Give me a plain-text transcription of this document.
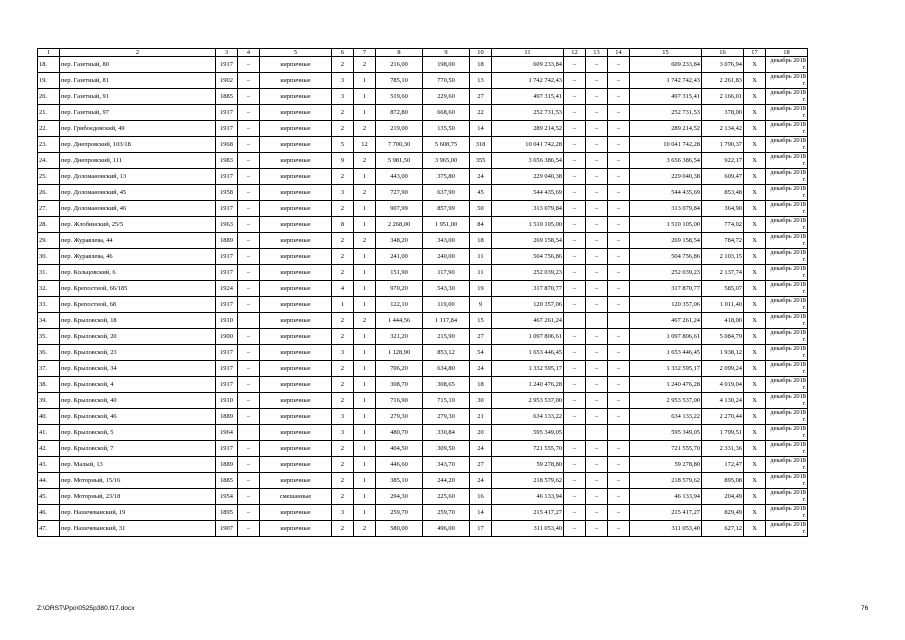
1	2	3	4	5	6	7	8	9	10	11	12	13	14	15	16	17	18
18.	пер. Газетный, 80	1917	–	кирпичные	2	2	216,00	198,00	18	609 233,84	–	–	–	609 233,84	3 076,94	X	декабрь 2018 г.
19.	пер. Газетный, 81	1902	–	кирпичные	3	1	785,10	770,50	13	1 742 742,43	–	–	–	1 742 742,43	2 261,83	X	декабрь 2018 г.
20.	пер. Газетный, 91	1885	–	кирпичные	3	1	519,60	229,60	27	497 315,41	–	–	–	497 315,41	2 166,01	X	декабрь 2018 г.
21.	пер. Газетный, 97	1917	–	кирпичные	2	1	872,80	668,60	22	252 731,53	–	–	–	252 731,53	378,00	X	декабрь 2018 г.
22.	пер. Грибоедовский, 49	1917	–	кирпичные	2	2	219,00	135,50	14	289 214,52	–	–	–	289 214,52	2 134,42	X	декабрь 2018 г.
23.	пер. Днепровский, 103/18	1968	–	кирпичные	5	12	7 700,30	5 608,75	318	10 041 742,28	–	–	–	10 041 742,28	1 790,37	X	декабрь 2018 г.
24.	пер. Днепровский, 111	1983	–	кирпичные	9	2	5 981,50	3 965,00	355	3 656 386,54	–	–	–	3 656 386,54	922,17	X	декабрь 2018 г.
25.	пер. Доломановский, 13	1917	–	кирпичные	2	1	443,00	375,80	24	229 040,38	–	–	–	229 040,38	609,47	X	декабрь 2018 г.
26.	пер. Доломановский, 45	1958	–	кирпичные	3	2	727,90	637,90	45	544 435,69	–	–	–	544 435,69	853,48	X	декабрь 2018 г.
27.	пер. Доломановский, 46	1917	–	кирпичные	2	1	907,99	857,99	50	313 079,84	–	–	–	313 079,84	364,90	X	декабрь 2018 г.
28.	пер. Жлобинский, 25/5	1963	–	кирпичные	8	1	2 268,00	1 951,00	84	1 510 105,00	–	–	–	1 510 105,00	774,02	X	декабрь 2018 г.
29.	пер. Журавлева, 44	1889	–	кирпичные	2	2	348,20	343,00	18	269 158,54	–	–	–	269 158,54	784,72	X	декабрь 2018 г.
30.	пер. Журавлева, 46	1917	–	кирпичные	2	1	241,00	240,00	11	504 756,86	–	–	–	504 756,86	2 103,15	X	декабрь 2018 г.
31.	пер. Кольцовский, 6	1917	–	кирпичные	2	1	151,90	117,90	11	252 039,23	–	–	–	252 039,23	2 137,74	X	декабрь 2018 г.
32.	пер. Крепостной, 66/185	1924	–	кирпичные	4	1	970,20	543,30	19	317 870,77	–	–	–	317 870,77	585,07	X	декабрь 2018 г.
33.	пер. Крепостной, 68	1917	–	кирпичные	1	1	122,10	119,00	9	120 357,06	–	–	–	120 357,06	1 011,40	X	декабрь 2018 г.
34.	пер. Крыловской, 18	1910		кирпичные	2	2	1 444,56	1 117,84	15	467 261,24				467 261,24	418,00	X	декабрь 2018 г.
35.	пер. Крыловской, 20	1900	–	кирпичные	2	1	321,20	215,90	27	1 097 806,61	–	–	–	1 097 806,61	5 084,79	X	декабрь 2018 г.
36.	пер. Крыловской, 23	1917	–	кирпичные	3	1	1 128,90	853,12	54	1 653 446,45	–	–	–	1 653 446,45	1 938,12	X	декабрь 2018 г.
37.	пер. Крыловской, 34	1917	–	кирпичные	2	1	706,20	634,80	24	1 332 595,17	–	–	–	1 332 595,17	2 099,24	X	декабрь 2018 г.
38.	пер. Крыловской, 4	1917	–	кирпичные	2	1	308,70	308,65	18	1 240 476,28	–	–	–	1 240 476,28	4 019,04	X	декабрь 2018 г.
39.	пер. Крыловской, 40	1910	–	кирпичные	2	1	716,90	715,10	30	2 953 537,00	–	–	–	2 953 537,00	4 130,24	X	декабрь 2018 г.
40.	пер. Крыловской, 46	1889	–	кирпичные	3	1	279,30	279,30	21	634 133,22	–	–	–	634 133,22	2 270,44	X	декабрь 2018 г.
41.	пер. Крыловской, 5	1964		кирпичные	3	1	480,70	330,84	20	595 349,05				595 349,05	1 799,51	X	декабрь 2018 г.
42.	пер. Крыловской, 7	1917	–	кирпичные	2	1	404,50	309,50	24	721 555,70	–	–	–	721 555,70	2 331,36	X	декабрь 2018 г.
43.	пер. Малый, 13	1889	–	кирпичные	2	1	446,60	343,70	27	59 278,80	–	–	–	59 278,80	172,47	X	декабрь 2018 г.
44.	пер. Моторный, 15/16	1885	–	кирпичные	2	1	385,10	244,20	24	218 579,62	–	–	–	218 579,62	895,08	X	декабрь 2018 г.
45.	пер. Моторный, 23/18	1954	–	смешанные	2	1	294,30	225,60	16	46 133,94	–	–	–	46 133,94	204,49	X	декабрь 2018 г.
46.	пер. Нахичеванский, 19	1895	–	кирпичные	3	1	259,70	259,70	14	215 417,27	–	–	–	215 417,27	829,49	X	декабрь 2018 г.
47.	пер. Нахичеванский, 31	1907	–	кирпичные	2	2	580,00	496,00	17	311 053,40	–	–	–	311 053,40	627,12	X	декабрь 2018 г.
Z:\ORST\Ppo\0525p380.f17.docx	76
